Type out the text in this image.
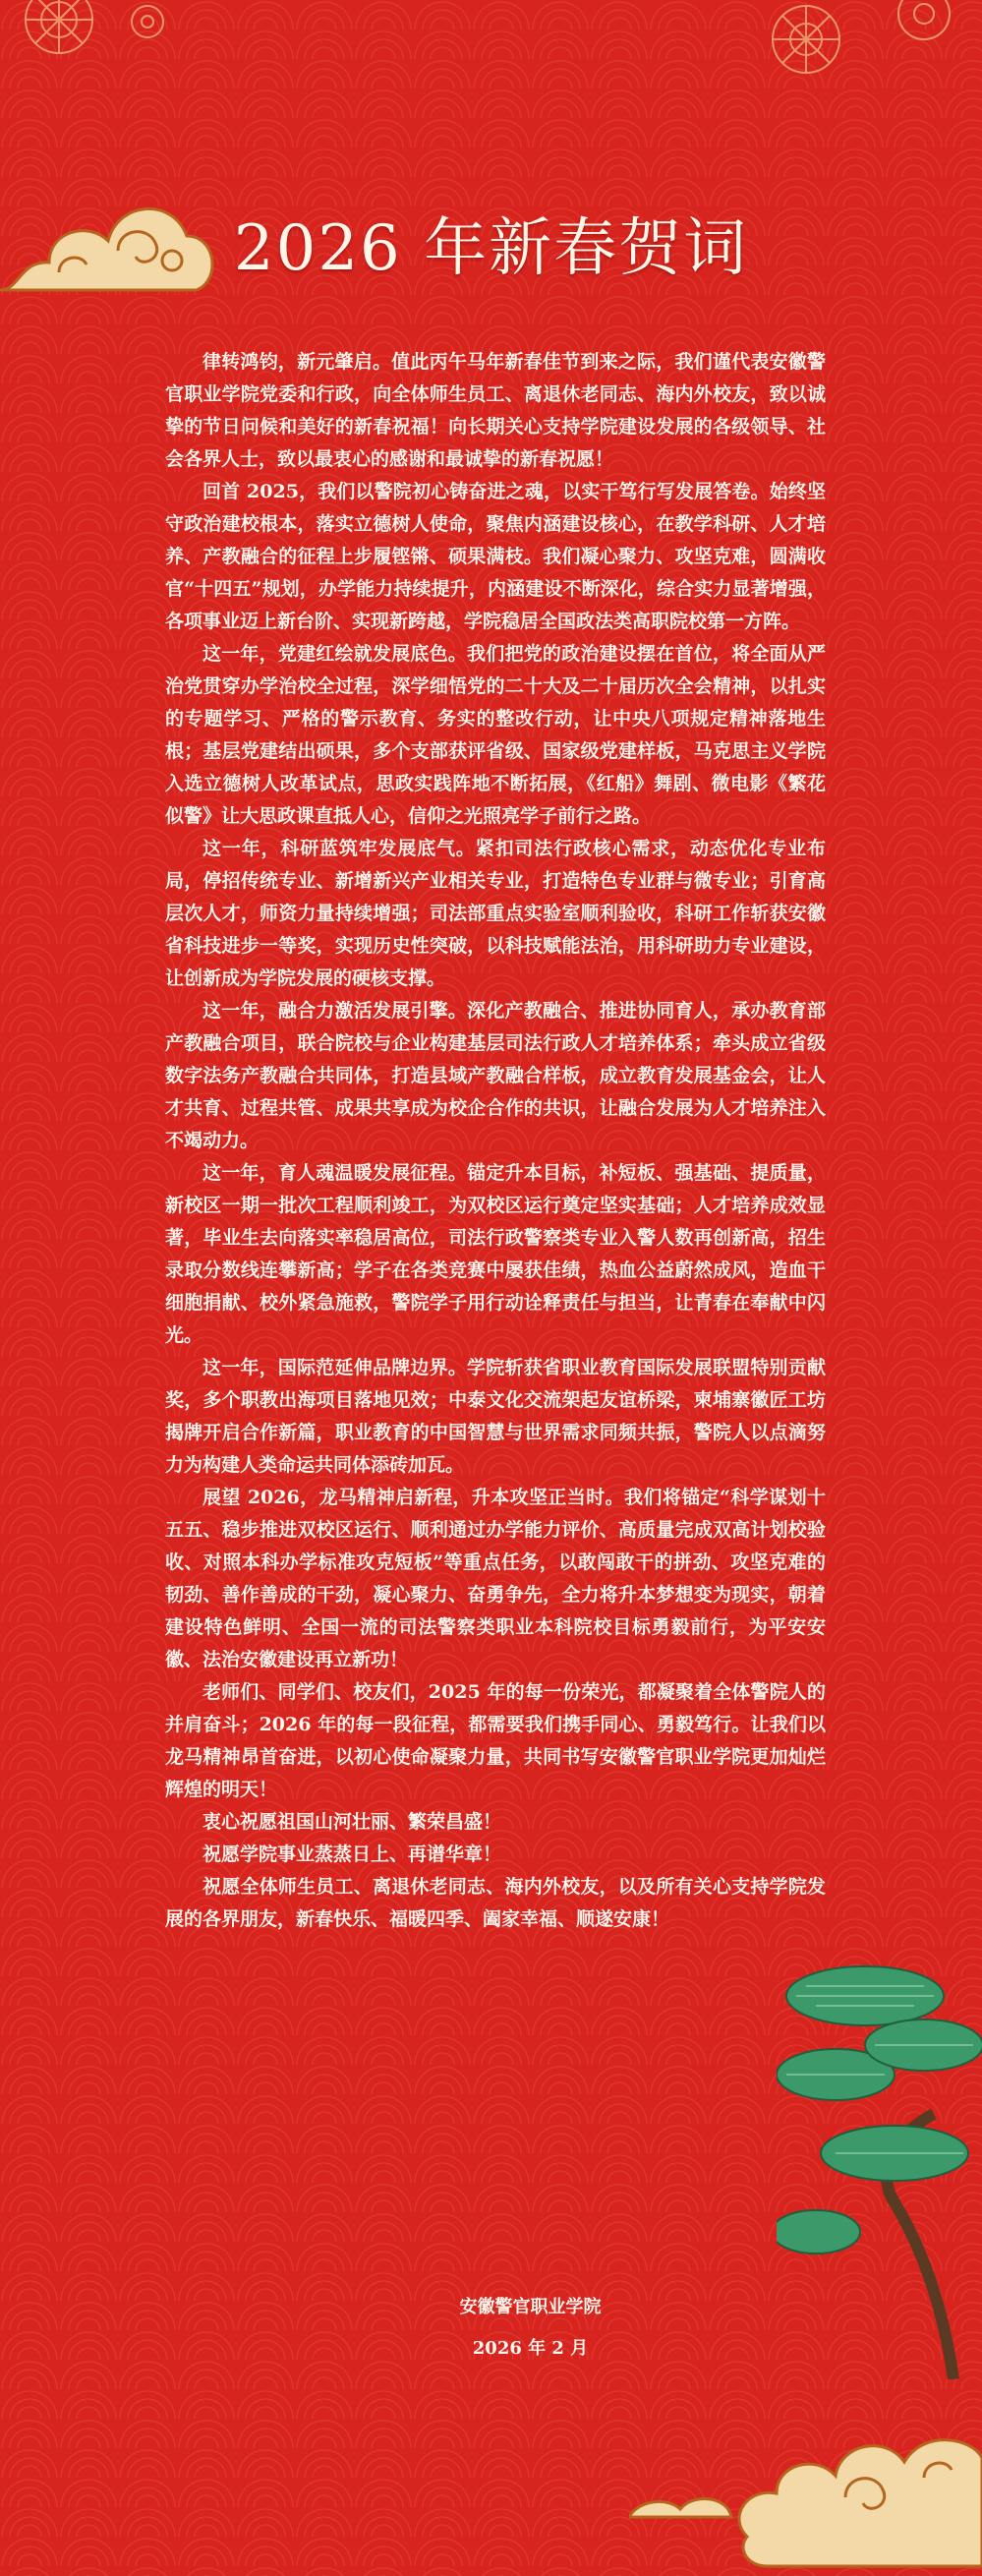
2026 年新春贺词

律转鸿钧，新元肇启。值此丙午马年新春佳节到来之际，我们谨代表安徽警官职业学院党委和行政，向全体师生员工、离退休老同志、海内外校友，致以诚挚的节日问候和美好的新春祝福！向长期关心支持学院建设发展的各级领导、社会各界人士，致以最衷心的感谢和最诚挚的新春祝愿！

回首 2025，我们以警院初心铸奋进之魂，以实干笃行写发展答卷。始终坚守政治建校根本，落实立德树人使命，聚焦内涵建设核心，在教学科研、人才培养、产教融合的征程上步履铿锵、硕果满枝。我们凝心聚力、攻坚克难，圆满收官“十四五”规划，办学能力持续提升，内涵建设不断深化，综合实力显著增强，各项事业迈上新台阶、实现新跨越，学院稳居全国政法类高职院校第一方阵。

这一年，党建红绘就发展底色。我们把党的政治建设摆在首位，将全面从严治党贯穿办学治校全过程，深学细悟党的二十大及二十届历次全会精神，以扎实的专题学习、严格的警示教育、务实的整改行动，让中央八项规定精神落地生根；基层党建结出硕果，多个支部获评省级、国家级党建样板，马克思主义学院入选立德树人改革试点，思政实践阵地不断拓展，《红船》舞剧、微电影《繁花似警》让大思政课直抵人心，信仰之光照亮学子前行之路。

这一年，科研蓝筑牢发展底气。紧扣司法行政核心需求，动态优化专业布局，停招传统专业、新增新兴产业相关专业，打造特色专业群与微专业；引育高层次人才，师资力量持续增强；司法部重点实验室顺利验收，科研工作斩获安徽省科技进步一等奖，实现历史性突破，以科技赋能法治，用科研助力专业建设，让创新成为学院发展的硬核支撑。

这一年，融合力激活发展引擎。深化产教融合、推进协同育人，承办教育部产教融合项目，联合院校与企业构建基层司法行政人才培养体系；牵头成立省级数字法务产教融合共同体，打造县域产教融合样板，成立教育发展基金会，让人才共育、过程共管、成果共享成为校企合作的共识，让融合发展为人才培养注入不竭动力。

这一年，育人魂温暖发展征程。锚定升本目标，补短板、强基础、提质量，新校区一期一批次工程顺利竣工，为双校区运行奠定坚实基础；人才培养成效显著，毕业生去向落实率稳居高位，司法行政警察类专业入警人数再创新高，招生录取分数线连攀新高；学子在各类竞赛中屡获佳绩，热血公益蔚然成风，造血干细胞捐献、校外紧急施救，警院学子用行动诠释责任与担当，让青春在奉献中闪光。

这一年，国际范延伸品牌边界。学院斩获省职业教育国际发展联盟特别贡献奖，多个职教出海项目落地见效；中泰文化交流架起友谊桥梁，柬埔寨徽匠工坊揭牌开启合作新篇，职业教育的中国智慧与世界需求同频共振，警院人以点滴努力为构建人类命运共同体添砖加瓦。

展望 2026，龙马精神启新程，升本攻坚正当时。我们将锚定“科学谋划十五五、稳步推进双校区运行、顺利通过办学能力评价、高质量完成双高计划校验收、对照本科办学标准攻克短板”等重点任务，以敢闯敢干的拼劲、攻坚克难的韧劲、善作善成的干劲，凝心聚力、奋勇争先，全力将升本梦想变为现实，朝着建设特色鲜明、全国一流的司法警察类职业本科院校目标勇毅前行，为平安安徽、法治安徽建设再立新功！

老师们、同学们、校友们，2025 年的每一份荣光，都凝聚着全体警院人的并肩奋斗；2026 年的每一段征程，都需要我们携手同心、勇毅笃行。让我们以龙马精神昂首奋进，以初心使命凝聚力量，共同书写安徽警官职业学院更加灿烂辉煌的明天！

衷心祝愿祖国山河壮丽、繁荣昌盛！

祝愿学院事业蒸蒸日上、再谱华章！

祝愿全体师生员工、离退休老同志、海内外校友，以及所有关心支持学院发展的各界朋友，新春快乐、福暖四季、阖家幸福、顺遂安康！

安徽警官职业学院
2026 年 2 月
